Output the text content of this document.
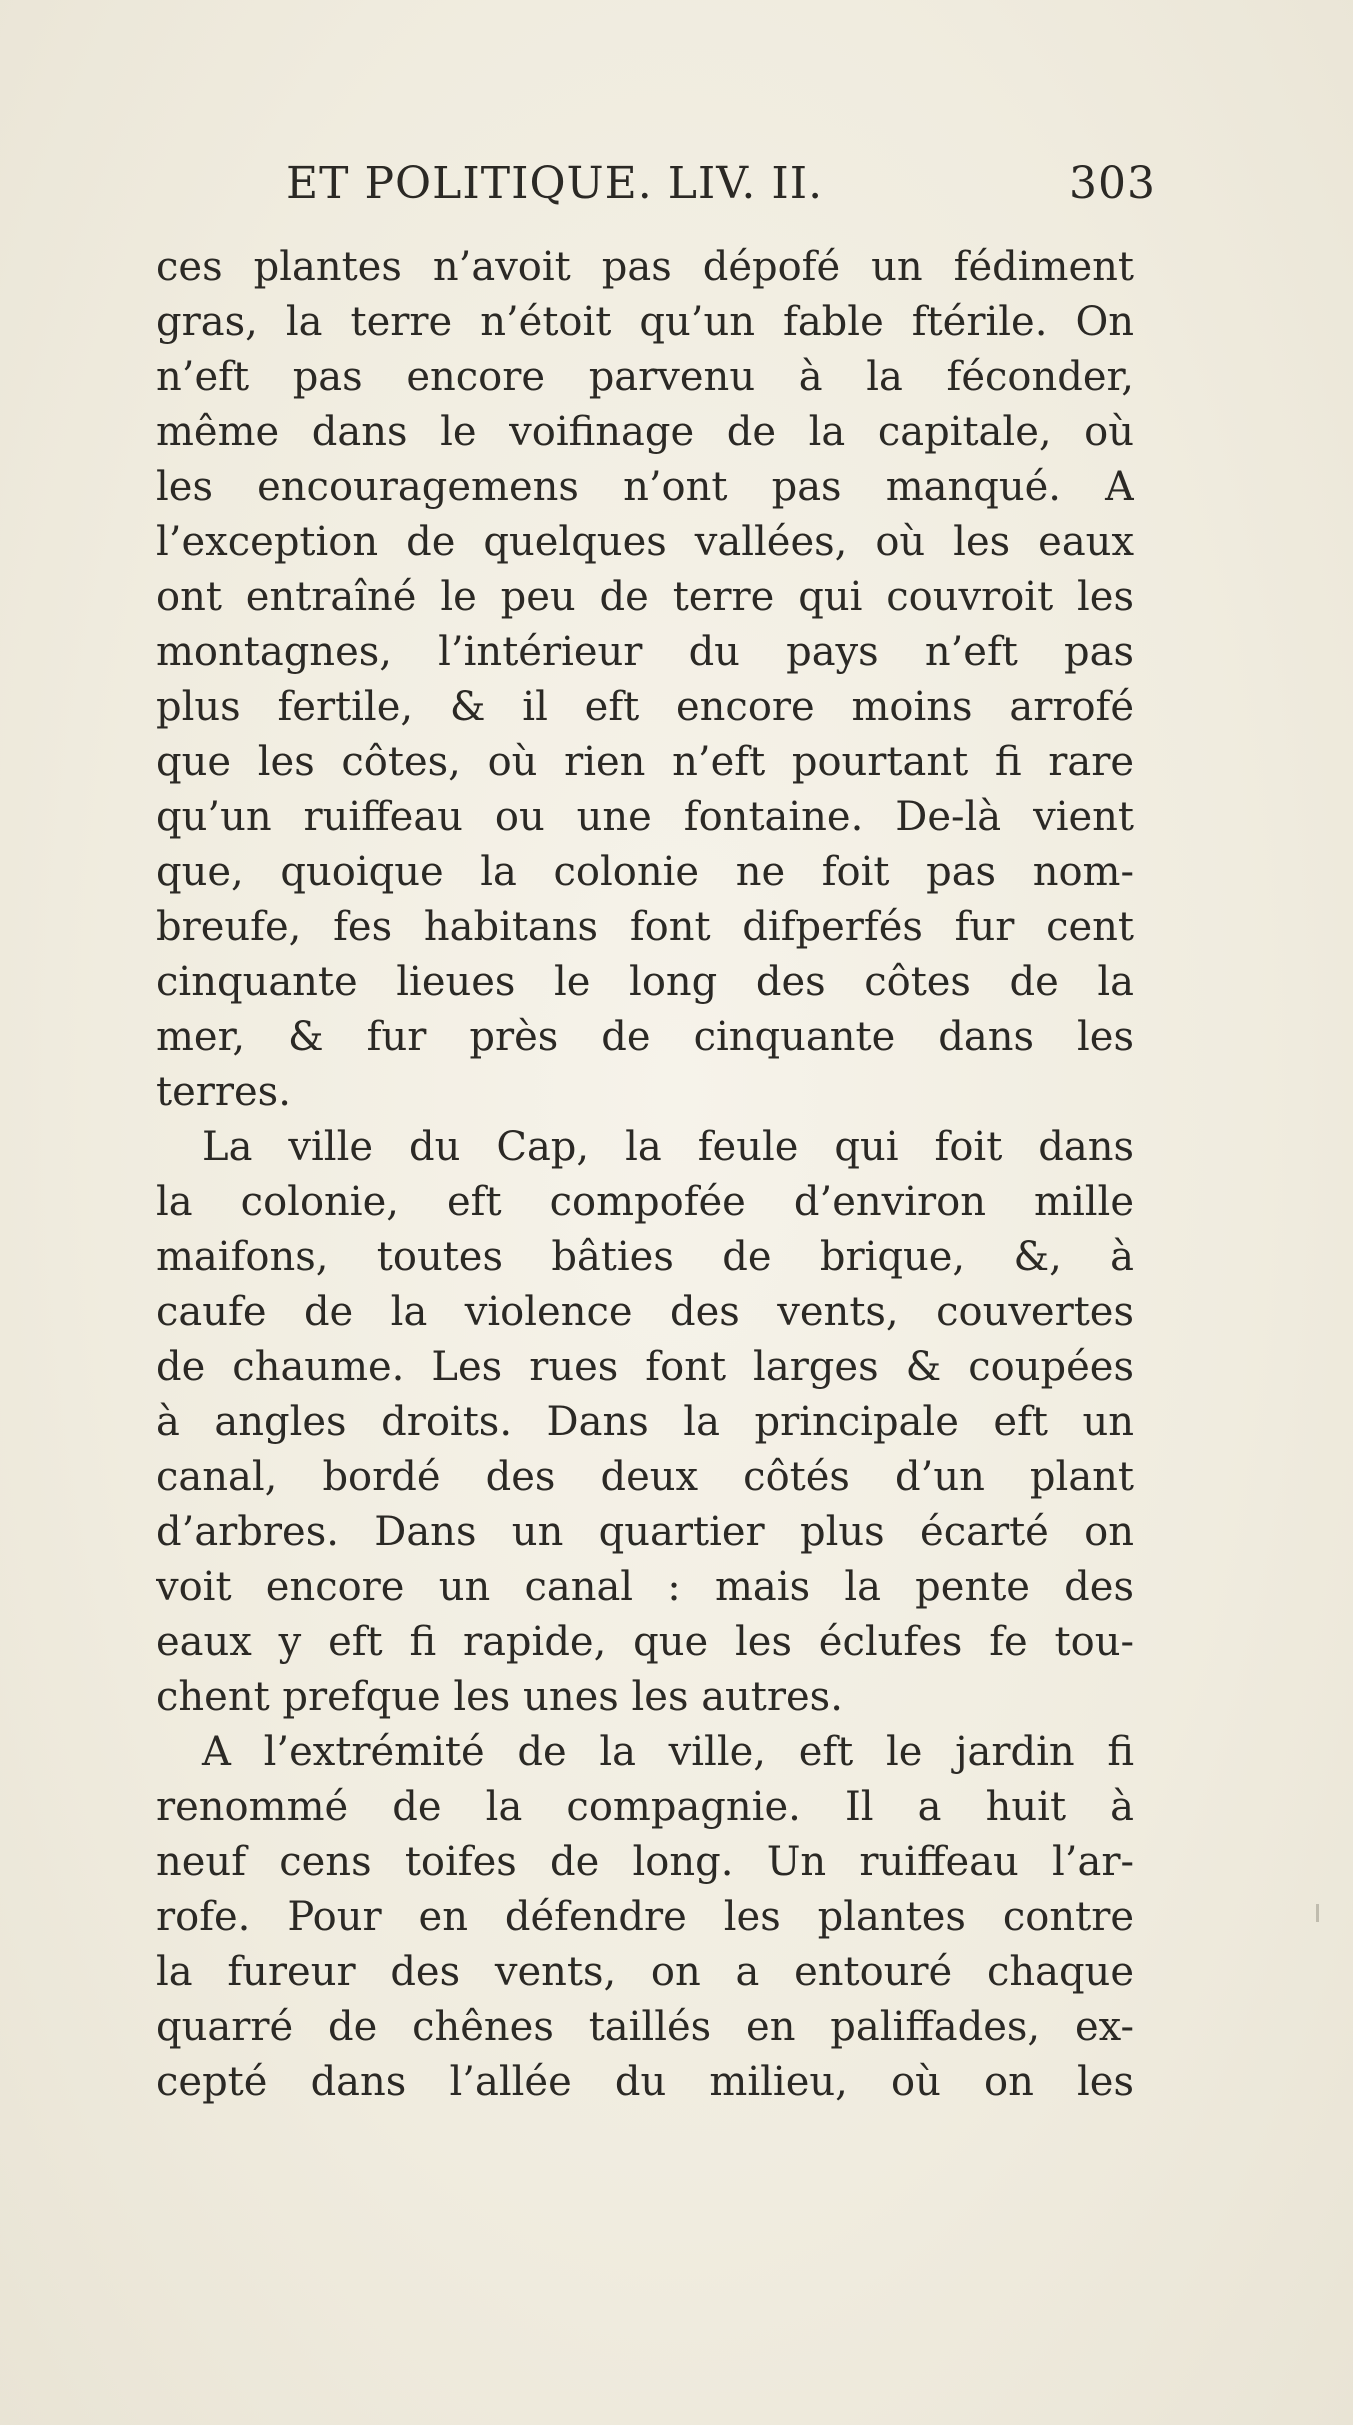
ET POLITIQUE. LIV. II.	303
ces plantes n’avoit pas dépofé un fédiment
gras, la terre n’étoit qu’un fable ftérile. On
n’eft pas encore parvenu à la féconder,
même dans le voifinage de la capitale, où
les encouragemens n’ont pas manqué. A
l’exception de quelques vallées, où les eaux
ont entraîné le peu de terre qui couvroit les
montagnes, l’intérieur du pays n’eft pas
plus fertile, & il eft encore moins arrofé
que les côtes, où rien n’eft pourtant fi rare
qu’un ruiffeau ou une fontaine. De-là vient
que, quoique la colonie ne foit pas nom-
breufe, fes habitans font difperfés fur cent
cinquante lieues le long des côtes de la
mer, & fur près de cinquante dans les
terres.
La ville du Cap, la feule qui foit dans
la colonie, eft compofée d’environ mille
maifons, toutes bâties de brique, &, à
caufe de la violence des vents, couvertes
de chaume. Les rues font larges & coupées
à angles droits. Dans la principale eft un
canal, bordé des deux côtés d’un plant
d’arbres. Dans un quartier plus écarté on
voit encore un canal : mais la pente des
eaux y eft fi rapide, que les éclufes fe tou-
chent prefque les unes les autres.
A l’extrémité de la ville, eft le jardin fi
renommé de la compagnie. Il a huit à
neuf cens toifes de long. Un ruiffeau l’ar-
rofe. Pour en défendre les plantes contre
la fureur des vents, on a entouré chaque
quarré de chênes taillés en paliffades, ex-
cepté dans l’allée du milieu, où on les
